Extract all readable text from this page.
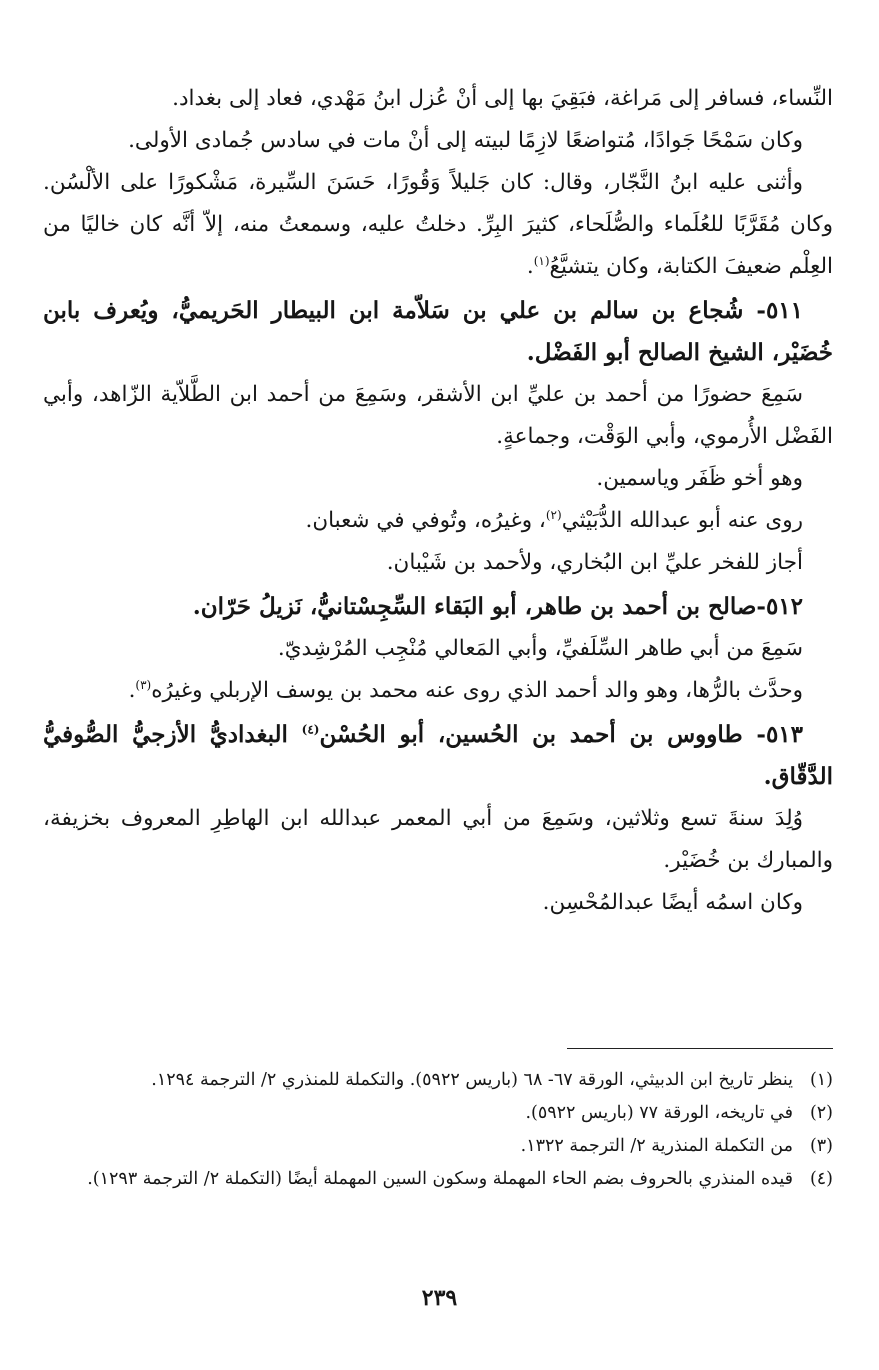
النِّساء، فسافر إلى مَراغة، فبَقِيَ بها إلى أنْ عُزل ابنُ مَهْدي، فعاد إلى بغداد.

وكان سَمْحًا جَوادًا، مُتواضعًا لازِمًا لبيته إلى أنْ مات في سادس جُمادى الأولى.

وأثنى عليه ابنُ النَّجّار، وقال: كان جَليلاً وَقُورًا، حَسَنَ السِّيرة، مَشْكورًا على الألْسُن. وكان مُقَرَّبًا للعُلَماء والصُّلَحاء، كثيرَ البِرِّ. دخلتُ عليه، وسمعتُ منه، إلاّ أنَّه كان خاليًا من العِلْم ضعيفَ الكتابة، وكان يتشيَّعُ$^{(١)}$.

٥١١- شُجاع بن سالم بن علي بن سَلاّمة ابن البيطار الحَريميُّ، ويُعرف بابن خُضَيْر، الشيخ الصالح أبو الفَضْل.

سَمِعَ حضورًا من أحمد بن عليِّ ابن الأشقر، وسَمِعَ من أحمد ابن الطَّلاّية الزّاهد، وأبي الفَضْل الأُرموي، وأبي الوَقْت، وجماعةٍ.

وهو أخو ظَفَر وياسمين.

روى عنه أبو عبدالله الدُّبَيْثي$^{(٢)}$، وغيرُه، وتُوفي في شعبان.

أجاز للفخر عليِّ ابن البُخاري، ولأحمد بن شَيْبان.

٥١٢-صالح بن أحمد بن طاهر، أبو البَقاء السِّجِسْتانيُّ، نَزيلُ حَرّان.

سَمِعَ من أبي طاهر السِّلَفيِّ، وأبي المَعالي مُنْجِب المُرْشِديّ.

وحدَّث بالرُّها، وهو والد أحمد الذي روى عنه محمد بن يوسف الإربلي وغيرُه$^{(٣)}$.

٥١٣- طاووس بن أحمد بن الحُسين، أبو الحُسْن$^{(٤)}$ البغداديُّ الأزجيُّ الصُّوفيُّ الدَّقّاق.

وُلِدَ سنةَ تسع وثلاثين، وسَمِعَ من أبي المعمر عبدالله ابن الهاطِرِ المعروف بخزيفة، والمبارك بن خُضَيْر.

وكان اسمُه أيضًا عبدالمُحْسِن.

(١)
ينظر تاريخ ابن الدبيثي، الورقة ٦٧- ٦٨ (باريس ٥٩٢٢). والتكملة للمنذري ٢/ الترجمة ١٢٩٤.
(٢)
في تاريخه، الورقة ٧٧ (باريس ٥٩٢٢).
(٣)
من التكملة المنذرية ٢/ الترجمة ١٣٢٢.
(٤)
قيده المنذري بالحروف بضم الحاء المهملة وسكون السين المهملة أيضًا (التكملة ٢/ الترجمة ١٢٩٣).
٢٣٩
